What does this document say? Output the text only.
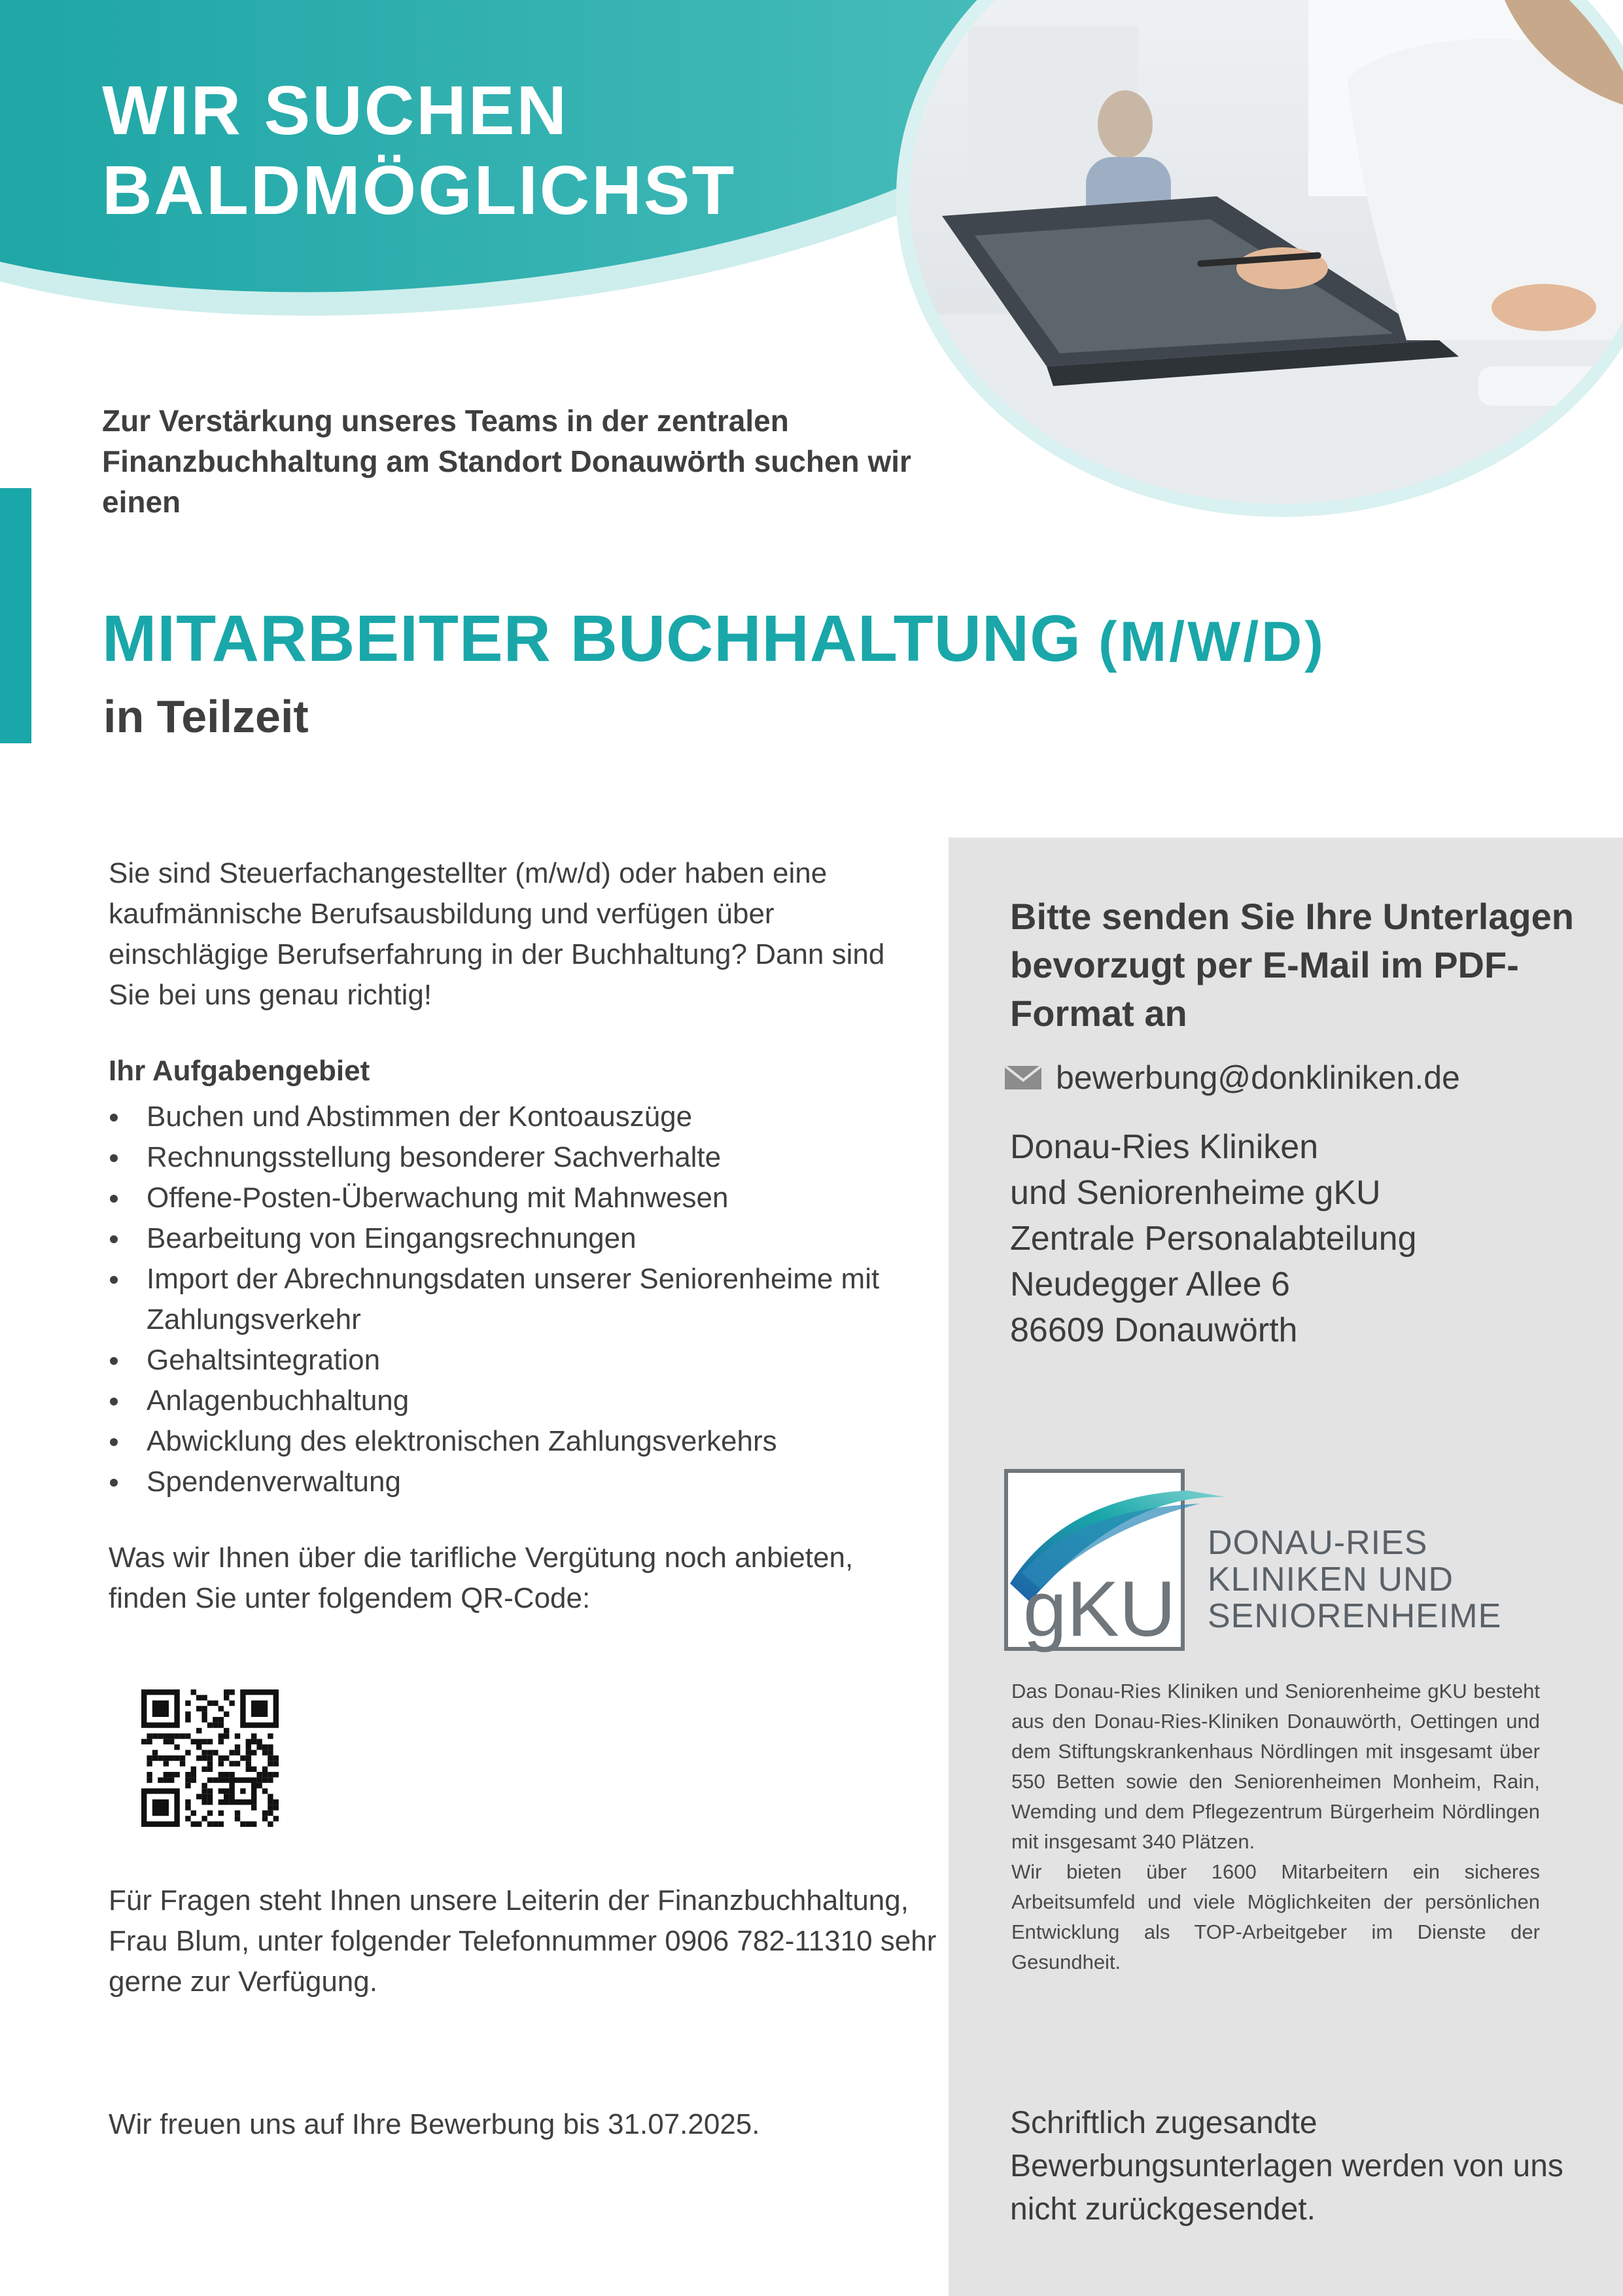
WIR SUCHEN
BALDMÖGLICHST

Zur Verstärkung unseres Teams in der zentralen Finanzbuchhaltung am Standort Donauwörth suchen wir einen

MITARBEITER BUCHHALTUNG (M/W/D)

in Teilzeit

Sie sind Steuerfachangestellter (m/w/d) oder haben eine kaufmännische Berufsausbildung und verfügen über einschlägige Berufserfahrung in der Buchhaltung? Dann sind Sie bei uns genau richtig!

Ihr Aufgabengebiet

Buchen und Abstimmen der Kontoauszüge
Rechnungsstellung besonderer Sachverhalte
Offene-Posten-Überwachung mit Mahnwesen
Bearbeitung von Eingangsrechnungen
Import der Abrechnungsdaten unserer Seniorenheime mit Zahlungsverkehr
Gehaltsintegration
Anlagenbuchhaltung
Abwicklung des elektronischen Zahlungsverkehrs
Spendenverwaltung

Was wir Ihnen über die tarifliche Vergütung noch anbieten, finden Sie unter folgendem QR-Code:

Für Fragen steht Ihnen unsere Leiterin der Finanzbuchhaltung, Frau Blum, unter folgender Telefonnummer 0906 782-11310 sehr gerne zur Verfügung.

Wir freuen uns auf Ihre Bewerbung bis 31.07.2025.

Bitte senden Sie Ihre Unterlagen bevorzugt per E-Mail im PDF-Format an

bewerbung@donkliniken.de
Donau-Ries Kliniken
und Seniorenheime gKU
Zentrale Personalabteilung
Neudegger Allee 6
86609 Donauwörth
gKU
DONAU-RIES
KLINIKEN UND
SENIORENHEIME

Das Donau-Ries Kliniken und Seniorenheime gKU besteht aus den Donau-Ries-Kliniken Donauwörth, Oettingen und dem Stiftungskrankenhaus Nördlingen mit insgesamt über 550 Betten sowie den Seniorenheimen Monheim, Rain, Wemding und dem Pflegezentrum Bürgerheim Nördlingen mit insgesamt 340 Plätzen.

Wir bieten über 1600 Mitarbeitern ein sicheres Arbeitsumfeld und viele Möglichkeiten der persönlichen Entwicklung als TOP-Arbeitgeber im Dienste der Gesundheit.

Schriftlich zugesandte Bewerbungsunterlagen werden von uns nicht zurückgesendet.
